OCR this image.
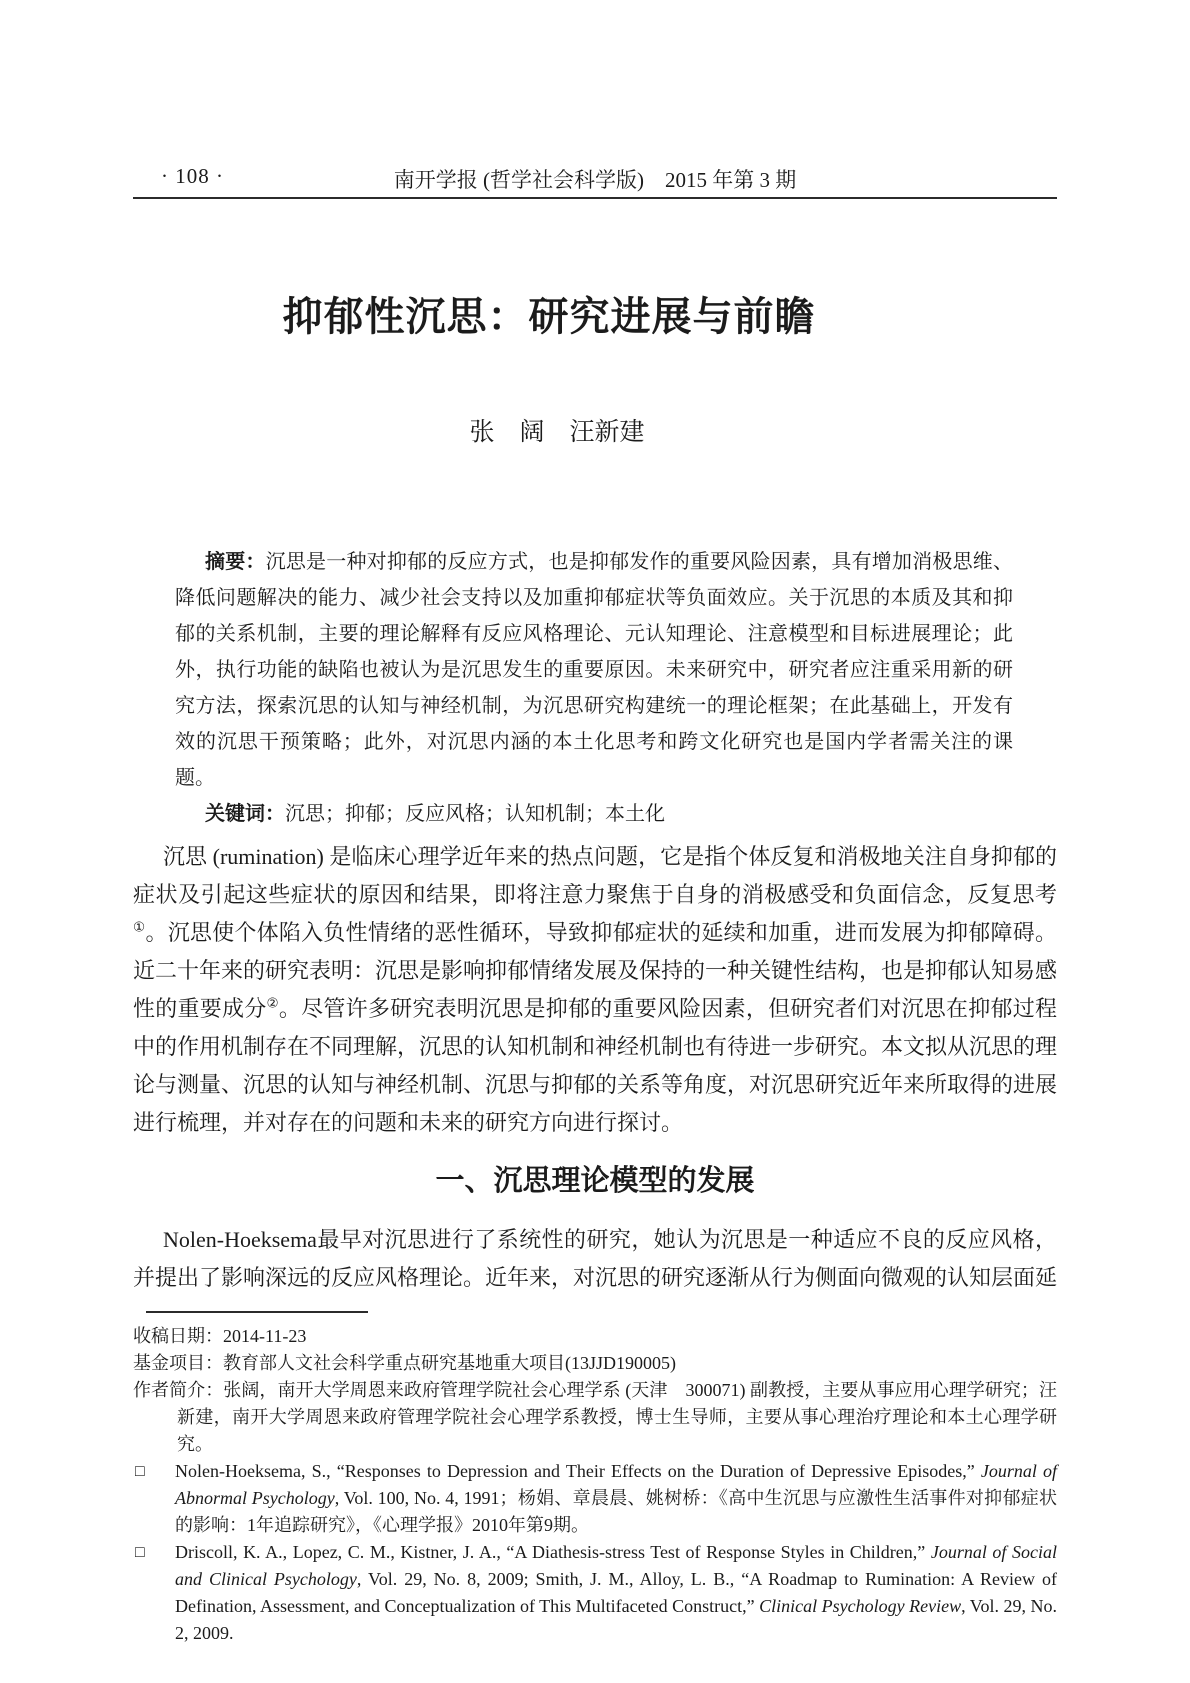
· 108 ·	南开学报 (哲学社会科学版)　2015 年第 3 期
抑郁性沉思：研究进展与前瞻
张　阔　汪新建

摘要：沉思是一种对抑郁的反应方式，也是抑郁发作的重要风险因素，具有增加消极思维、降低问题解决的能力、减少社会支持以及加重抑郁症状等负面效应。关于沉思的本质及其和抑郁的关系机制，主要的理论解释有反应风格理论、元认知理论、注意模型和目标进展理论；此外，执行功能的缺陷也被认为是沉思发生的重要原因。未来研究中，研究者应注重采用新的研究方法，探索沉思的认知与神经机制，为沉思研究构建统一的理论框架；在此基础上，开发有效的沉思干预策略；此外，对沉思内涵的本土化思考和跨文化研究也是国内学者需关注的课题。

关键词：沉思；抑郁；反应风格；认知机制；本土化

沉思 (rumination) 是临床心理学近年来的热点问题，它是指个体反复和消极地关注自身抑郁的症状及引起这些症状的原因和结果，即将注意力聚焦于自身的消极感受和负面信念，反复思考①。沉思使个体陷入负性情绪的恶性循环，导致抑郁症状的延续和加重，进而发展为抑郁障碍。近二十年来的研究表明：沉思是影响抑郁情绪发展及保持的一种关键性结构，也是抑郁认知易感性的重要成分②。尽管许多研究表明沉思是抑郁的重要风险因素，但研究者们对沉思在抑郁过程中的作用机制存在不同理解，沉思的认知机制和神经机制也有待进一步研究。本文拟从沉思的理论与测量、沉思的认知与神经机制、沉思与抑郁的关系等角度，对沉思研究近年来所取得的进展进行梳理，并对存在的问题和未来的研究方向进行探讨。

一、沉思理论模型的发展

Nolen-Hoeksema最早对沉思进行了系统性的研究，她认为沉思是一种适应不良的反应风格，并提出了影响深远的反应风格理论。近年来，对沉思的研究逐渐从行为侧面向微观的认知层面延

收稿日期：2014-11-23

基金项目：教育部人文社会科学重点研究基地重大项目(13JJD190005)

作者简介：张阔，南开大学周恩来政府管理学院社会心理学系 (天津　300071) 副教授，主要从事应用心理学研究；汪新建，南开大学周恩来政府管理学院社会心理学系教授，博士生导师，主要从事心理治疗理论和本土心理学研究。

□	Nolen-Hoeksema, S., “Responses to Depression and Their Effects on the Duration of Depressive Episodes,” Journal of Abnormal Psychology, Vol. 100, No. 4, 1991；杨娟、章晨晨、姚树桥：《高中生沉思与应激性生活事件对抑郁症状的影响：1年追踪研究》，《心理学报》2010年第9期。
□	Driscoll, K. A., Lopez, C. M., Kistner, J. A., “A Diathesis-stress Test of Response Styles in Children,” Journal of Social and Clinical Psychology, Vol. 29, No. 8, 2009; Smith, J. M., Alloy, L. B., “A Roadmap to Rumination: A Review of Defination, Assessment, and Conceptualization of This Multifaceted Construct,” Clinical Psychology Review, Vol. 29, No. 2, 2009.
